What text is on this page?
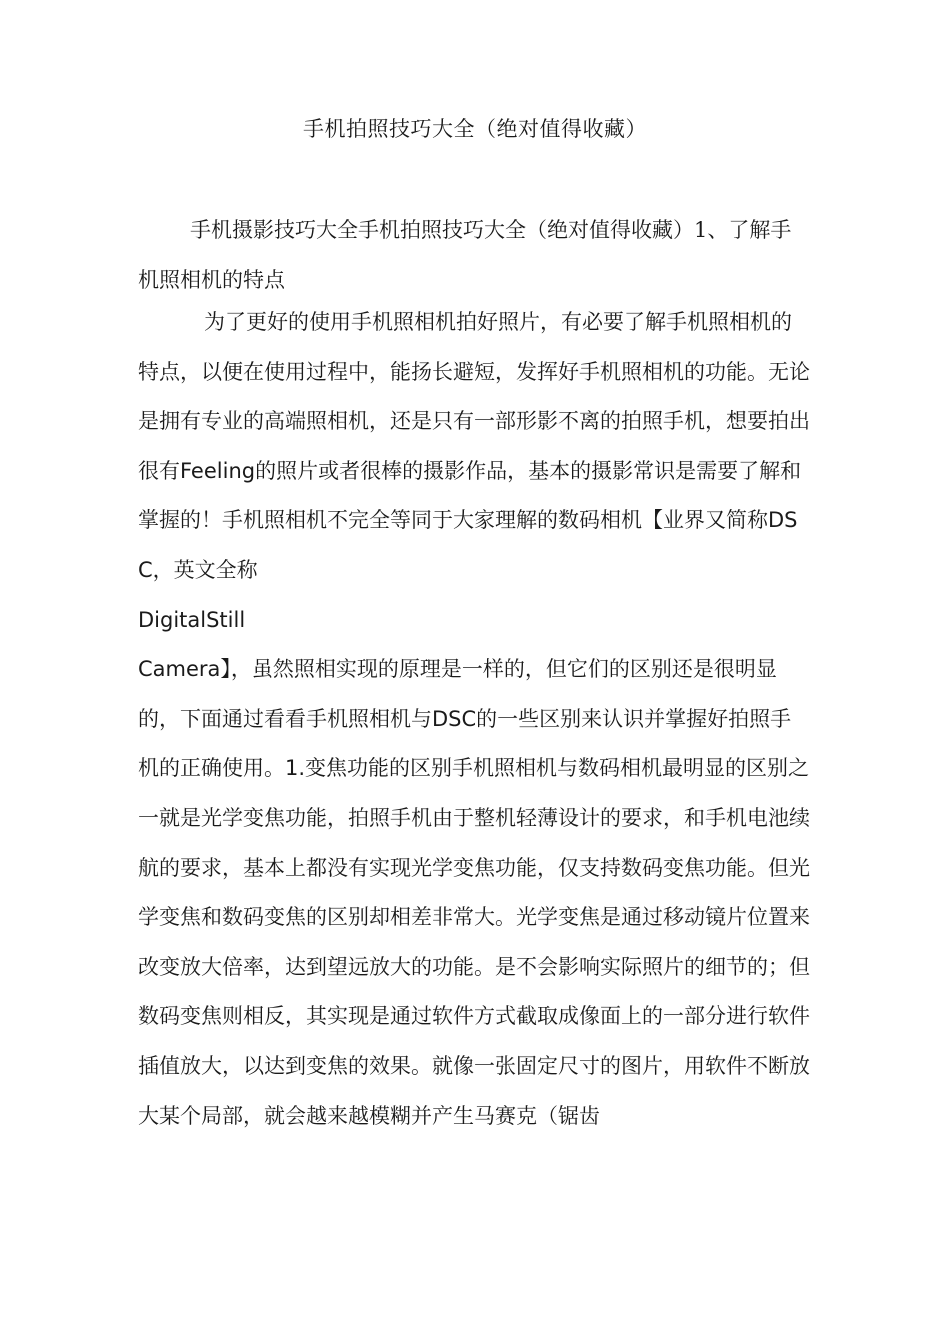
手机拍照技巧大全（绝对值得收藏）

手机摄影技巧大全手机拍照技巧大全（绝对值得收藏）1、了解手机照相机的特点

为了更好的使用手机照相机拍好照片，有必要了解手机照相机的特点，以便在使用过程中，能扬长避短，发挥好手机照相机的功能。无论是拥有专业的高端照相机，还是只有一部形影不离的拍照手机，想要拍出很有Feeling的照片或者很棒的摄影作品，基本的摄影常识是需要了解和掌握的！手机照相机不完全等同于大家理解的数码相机【业界又简称DSC，英文全称
DigitalStill
Camera】，虽然照相实现的原理是一样的，但它们的区别还是很明显的，下面通过看看手机照相机与DSC的一些区别来认识并掌握好拍照手机的正确使用。1.变焦功能的区别手机照相机与数码相机最明显的区别之一就是光学变焦功能，拍照手机由于整机轻薄设计的要求，和手机电池续航的要求，基本上都没有实现光学变焦功能，仅支持数码变焦功能。但光学变焦和数码变焦的区别却相差非常大。光学变焦是通过移动镜片位置来改变放大倍率，达到望远放大的功能。是不会影响实际照片的细节的；但数码变焦则相反，其实现是通过软件方式截取成像面上的一部分进行软件插值放大，以达到变焦的效果。就像一张固定尺寸的图片，用软件不断放大某个局部，就会越来越模糊并产生马赛克（锯齿
